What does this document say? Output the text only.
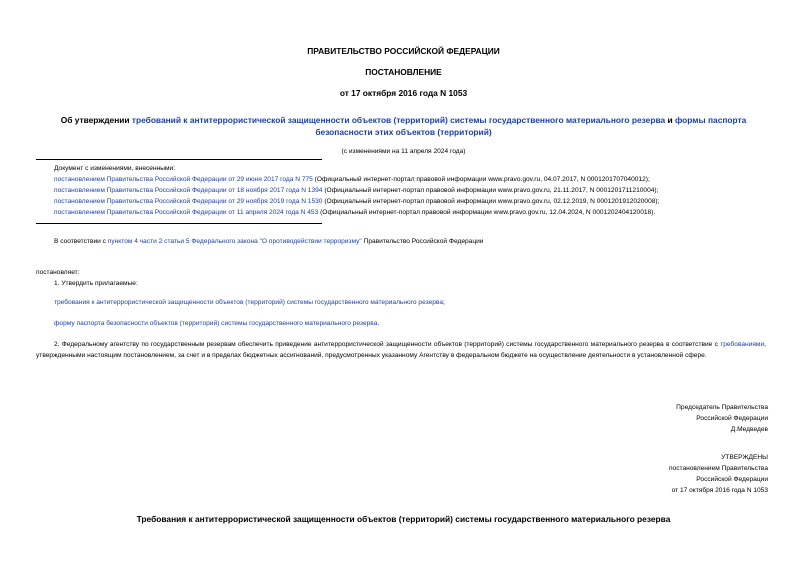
ПРАВИТЕЛЬСТВО РОССИЙСКОЙ ФЕДЕРАЦИИ
ПОСТАНОВЛЕНИЕ
от 17 октября 2016 года N 1053
Об утверждении требований к антитеррористической защищенности объектов (территорий) системы государственного материального резерва и формы паспорта безопасности этих объектов (территорий)
(с изменениями на 11 апреля 2024 года)
Документ с изменениями, внесенными:
постановлением Правительства Российской Федерации от 29 июня 2017 года N 775 (Официальный интернет-портал правовой информации www.pravo.gov.ru, 04.07.2017, N 0001201707040012);
постановлением Правительства Российской Федерации от 18 ноября 2017 года N 1394 (Официальный интернет-портал правовой информации www.pravo.gov.ru, 21.11.2017, N 0001201711210004);
постановлением Правительства Российской Федерации от 29 ноября 2019 года N 1530 (Официальный интернет-портал правовой информации www.pravo.gov.ru, 02.12.2019, N 0001201912020008);
постановлением Правительства Российской Федерации от 11 апреля 2024 года N 453 (Официальный интернет-портал правовой информации www.pravo.gov.ru, 12.04.2024, N 0001202404120018).
В соответствии с пунктом 4 части 2 статьи 5 Федерального закона "О противодействии терроризму" Правительство Российской Федерации
постановляет:
1. Утвердить прилагаемые:
требования к антитеррористической защищенности объектов (территорий) системы государственного материального резерва;
форму паспорта безопасности объектов (территорий) системы государственного материального резерва.
2. Федеральному агентству по государственным резервам обеспечить приведение антитеррористической защищенности объектов (территорий) системы государственного материального резерва в соответствие с требованиями, утвержденными настоящим постановлением, за счет и в пределах бюджетных ассигнований, предусмотренных указанному Агентству в федеральном бюджете на осуществление деятельности в установленной сфере.
Председатель Правительства
Российской Федерации
Д.Медведев
УТВЕРЖДЕНЫ
постановлением Правительства
Российской Федерации
от 17 октября 2016 года N 1053
Требования к антитеррористической защищенности объектов (территорий) системы государственного материального резерва
